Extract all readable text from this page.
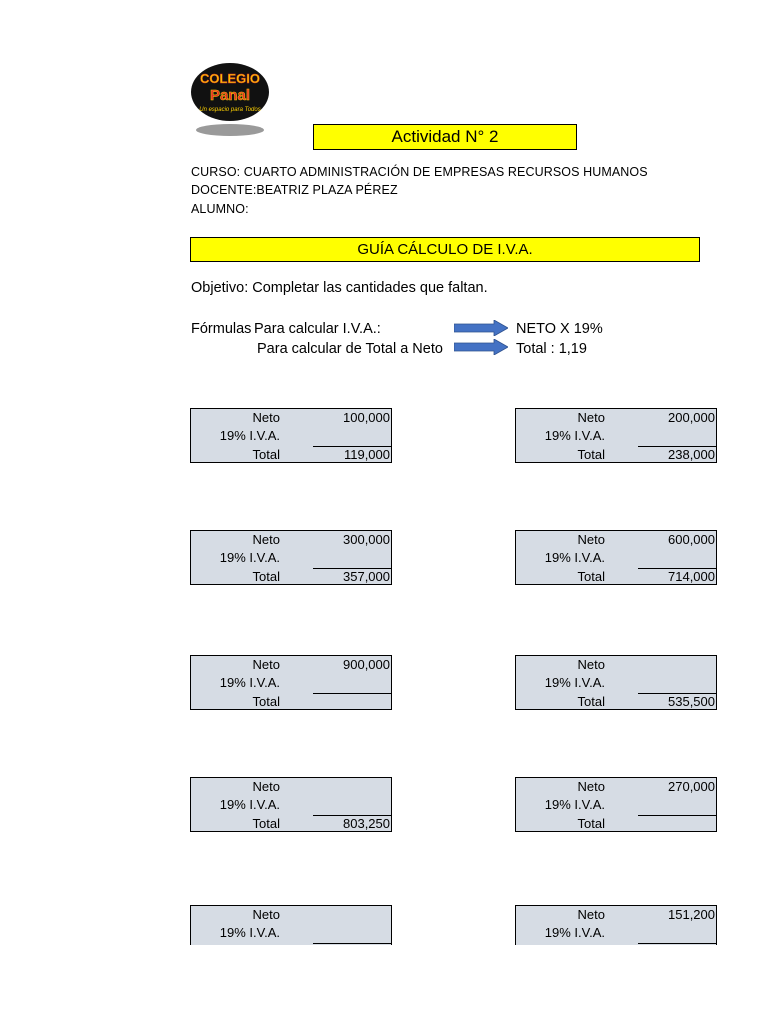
COLEGIO
Panal
Un espacio para Todos
Actividad N° 2
CURSO: CUARTO ADMINISTRACIÓN DE EMPRESAS RECURSOS HUMANOS
DOCENTE:BEATRIZ PLAZA PÉREZ
ALUMNO:
GUÍA CÁLCULO DE I.V.A.
Objetivo: Completar las cantidades que faltan.
Fórmulas Para calcular I.V.A.:	NETO X 19%
Para calcular de Total a Neto	Total : 1,19
Neto	100,000
19% I.V.A.
Total	119,000
Neto	200,000
19% I.V.A.
Total	238,000
Neto	300,000
19% I.V.A.
Total	357,000
Neto	600,000
19% I.V.A.
Total	714,000
Neto	900,000
19% I.V.A.
Total
Neto
19% I.V.A.
Total	535,500
Neto
19% I.V.A.
Total	803,250
Neto	270,000
19% I.V.A.
Total
Neto
19% I.V.A.
Neto	151,200
19% I.V.A.
